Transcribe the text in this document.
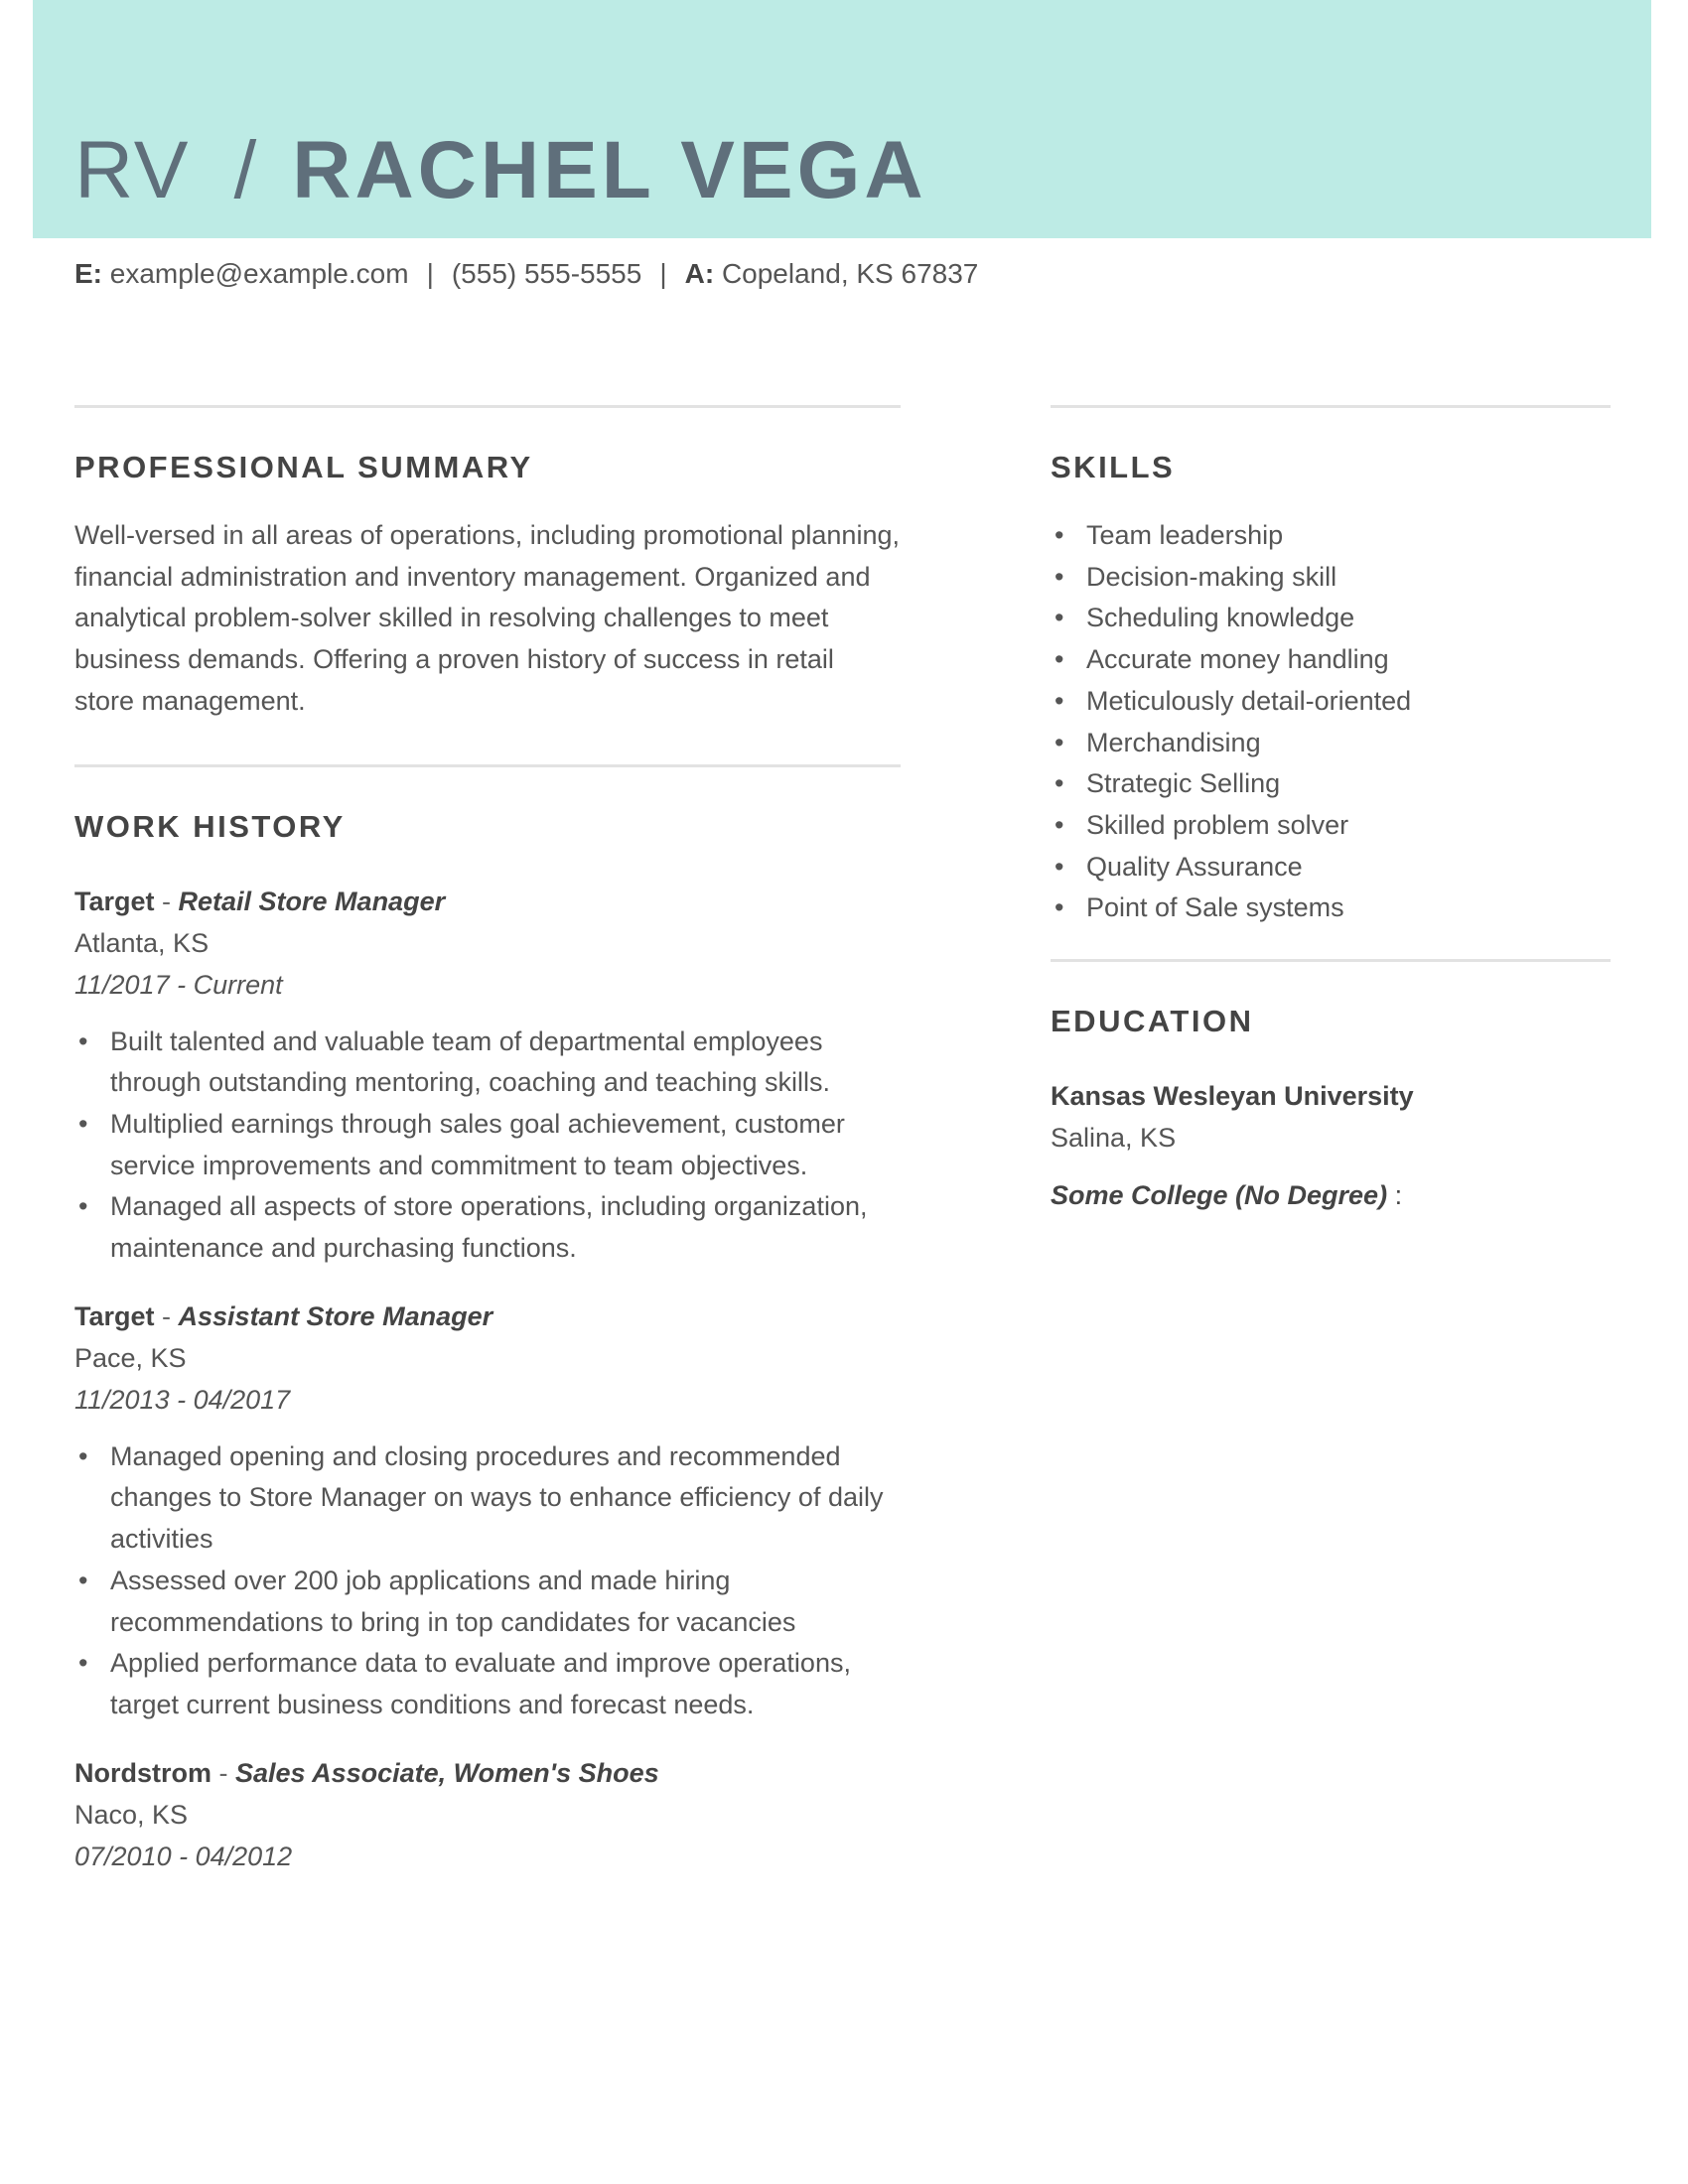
RV / RACHEL VEGA
E: example@example.com | (555) 555-5555 | A: Copeland, KS 67837
PROFESSIONAL SUMMARY

Well-versed in all areas of operations, including promotional planning, financial administration and inventory management. Organized and analytical problem-solver skilled in resolving challenges to meet business demands. Offering a proven history of success in retail store management.

WORK HISTORY
Target - Retail Store Manager
Atlanta, KS
11/2017 - Current
• Built talented and valuable team of departmental employees through outstanding mentoring, coaching and teaching skills.
• Multiplied earnings through sales goal achievement, customer service improvements and commitment to team objectives.
• Managed all aspects of store operations, including organization, maintenance and purchasing functions.
Target - Assistant Store Manager
Pace, KS
11/2013 - 04/2017
• Managed opening and closing procedures and recommended changes to Store Manager on ways to enhance efficiency of daily activities
• Assessed over 200 job applications and made hiring recommendations to bring in top candidates for vacancies
• Applied performance data to evaluate and improve operations, target current business conditions and forecast needs.
Nordstrom - Sales Associate, Women's Shoes
Naco, KS
07/2010 - 04/2012
SKILLS
• Team leadership
• Decision-making skill
• Scheduling knowledge
• Accurate money handling
• Meticulously detail-oriented
• Merchandising
• Strategic Selling
• Skilled problem solver
• Quality Assurance
• Point of Sale systems
EDUCATION
Kansas Wesleyan University
Salina, KS
Some College (No Degree) :
